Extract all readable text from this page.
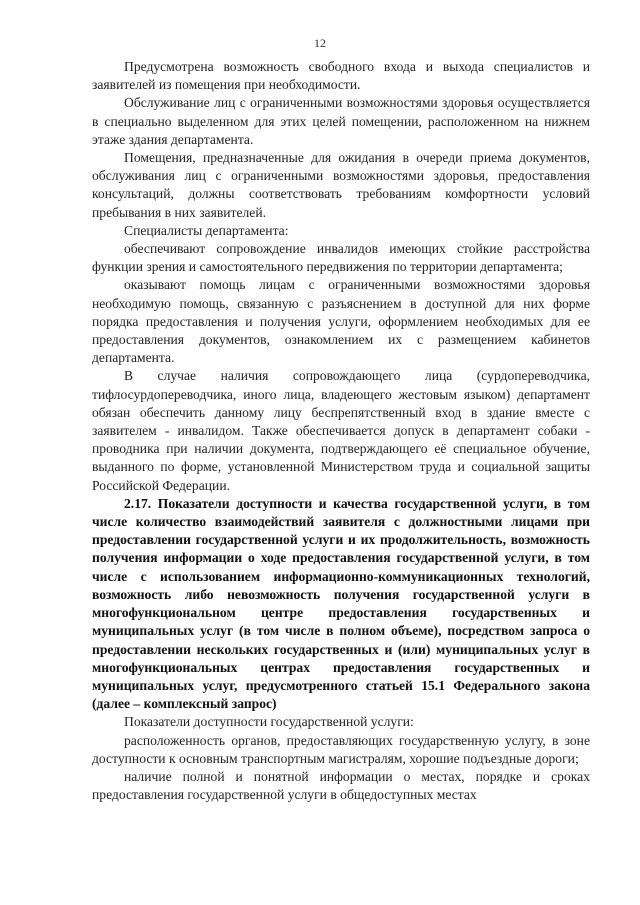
12

Предусмотрена возможность свободного входа и выхода специалистов и заявителей из помещения при необходимости.

Обслуживание лиц с ограниченными возможностями здоровья осуществляется в специально выделенном для этих целей помещении, расположенном на нижнем этаже здания департамента.

Помещения, предназначенные для ожидания в очереди приема документов, обслуживания лиц с ограниченными возможностями здоровья, предоставления консультаций, должны соответствовать требованиям комфортности условий пребывания в них заявителей.

Специалисты департамента:

обеспечивают сопровождение инвалидов имеющих стойкие расстройства функции зрения и самостоятельного передвижения по территории департамента;

оказывают помощь лицам с ограниченными возможностями здоровья необходимую помощь, связанную с разъяснением в доступной для них форме порядка предоставления и получения услуги, оформлением необходимых для ее предоставления документов, ознакомлением их с размещением кабинетов департамента.

В случае наличия сопровождающего лица (сурдопереводчика, тифлосурдопереводчика, иного лица, владеющего жестовым языком) департамент обязан обеспечить данному лицу беспрепятственный вход в здание вместе с заявителем - инвалидом. Также обеспечивается допуск в департамент собаки - проводника при наличии документа, подтверждающего её специальное обучение, выданного по форме, установленной Министерством труда и социальной защиты Российской Федерации.

2.17. Показатели доступности и качества государственной услуги, в том числе количество взаимодействий заявителя с должностными лицами при предоставлении государственной услуги и их продолжительность, возможность получения информации о ходе предоставления государственной услуги, в том числе с использованием информационно-коммуникационных технологий, возможность либо невозможность получения государственной услуги в многофункциональном центре предоставления государственных и муниципальных услуг (в том числе в полном объеме), посредством запроса о предоставлении нескольких государственных и (или) муниципальных услуг в многофункциональных центрах предоставления государственных и муниципальных услуг, предусмотренного статьей 15.1 Федерального закона (далее – комплексный запрос)

Показатели доступности государственной услуги:

расположенность органов, предоставляющих государственную услугу, в зоне доступности к основным транспортным магистралям, хорошие подъездные дороги;

наличие полной и понятной информации о местах, порядке и сроках предоставления государственной услуги в общедоступных местах
